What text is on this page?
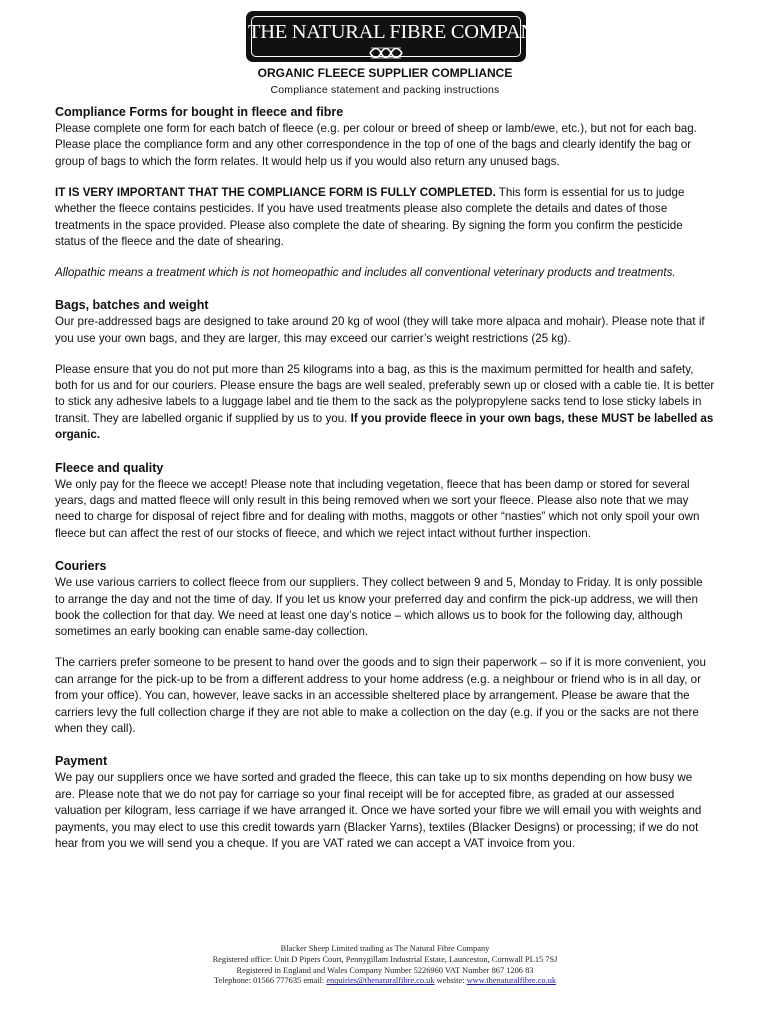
THE NATURAL FIBRE COMPANY
ORGANIC FLEECE SUPPLIER COMPLIANCE
Compliance statement and packing instructions
Compliance Forms for bought in fleece and fibre

Please complete one form for each batch of fleece (e.g. per colour or breed of sheep or lamb/ewe, etc.), but not for each bag. Please place the compliance form and any other correspondence in the top of one of the bags and clearly identify the bag or group of bags to which the form relates. It would help us if you would also return any unused bags.

IT IS VERY IMPORTANT THAT THE COMPLIANCE FORM IS FULLY COMPLETED. This form is essential for us to judge whether the fleece contains pesticides. If you have used treatments please also complete the details and dates of those treatments in the space provided. Please also complete the date of shearing. By signing the form you confirm the pesticide status of the fleece and the date of shearing.

Allopathic means a treatment which is not homeopathic and includes all conventional veterinary products and treatments.

Bags, batches and weight

Our pre-addressed bags are designed to take around 20 kg of wool (they will take more alpaca and mohair). Please note that if you use your own bags, and they are larger, this may exceed our carrier’s weight restrictions (25 kg).

Please ensure that you do not put more than 25 kilograms into a bag, as this is the maximum permitted for health and safety, both for us and for our couriers. Please ensure the bags are well sealed, preferably sewn up or closed with a cable tie. It is better to stick any adhesive labels to a luggage label and tie them to the sack as the polypropylene sacks tend to lose sticky labels in transit. They are labelled organic if supplied by us to you. If you provide fleece in your own bags, these MUST be labelled as organic.

Fleece and quality

We only pay for the fleece we accept! Please note that including vegetation, fleece that has been damp or stored for several years, dags and matted fleece will only result in this being removed when we sort your fleece. Please also note that we may need to charge for disposal of reject fibre and for dealing with moths, maggots or other “nasties” which not only spoil your own fleece but can affect the rest of our stocks of fleece, and which we reject intact without further inspection.

Couriers

We use various carriers to collect fleece from our suppliers. They collect between 9 and 5, Monday to Friday. It is only possible to arrange the day and not the time of day. If you let us know your preferred day and confirm the pick-up address, we will then book the collection for that day. We need at least one day’s notice – which allows us to book for the following day, although sometimes an early booking can enable same-day collection.

The carriers prefer someone to be present to hand over the goods and to sign their paperwork – so if it is more convenient, you can arrange for the pick-up to be from a different address to your home address (e.g. a neighbour or friend who is in all day, or from your office). You can, however, leave sacks in an accessible sheltered place by arrangement. Please be aware that the carriers levy the full collection charge if they are not able to make a collection on the day (e.g. if you or the sacks are not there when they call).

Payment

We pay our suppliers once we have sorted and graded the fleece, this can take up to six months depending on how busy we are. Please note that we do not pay for carriage so your final receipt will be for accepted fibre, as graded at our assessed valuation per kilogram, less carriage if we have arranged it. Once we have sorted your fibre we will email you with weights and payments, you may elect to use this credit towards yarn (Blacker Yarns), textiles (Blacker Designs) or processing; if we do not hear from you we will send you a cheque. If you are VAT rated we can accept a VAT invoice from you.

Blacker Sheep Limited trading as The Natural Fibre Company
Registered office: Unit D Pipers Court, Pennygillam Industrial Estate, Launceston, Cornwall PL15 7SJ
Registered in England and Wales Company Number 5226960 VAT Number 867 1206 83
Telephone: 01566 777635 email: enquiries@thenaturalfibre.co.uk website: www.thenaturalfibre.co.uk
